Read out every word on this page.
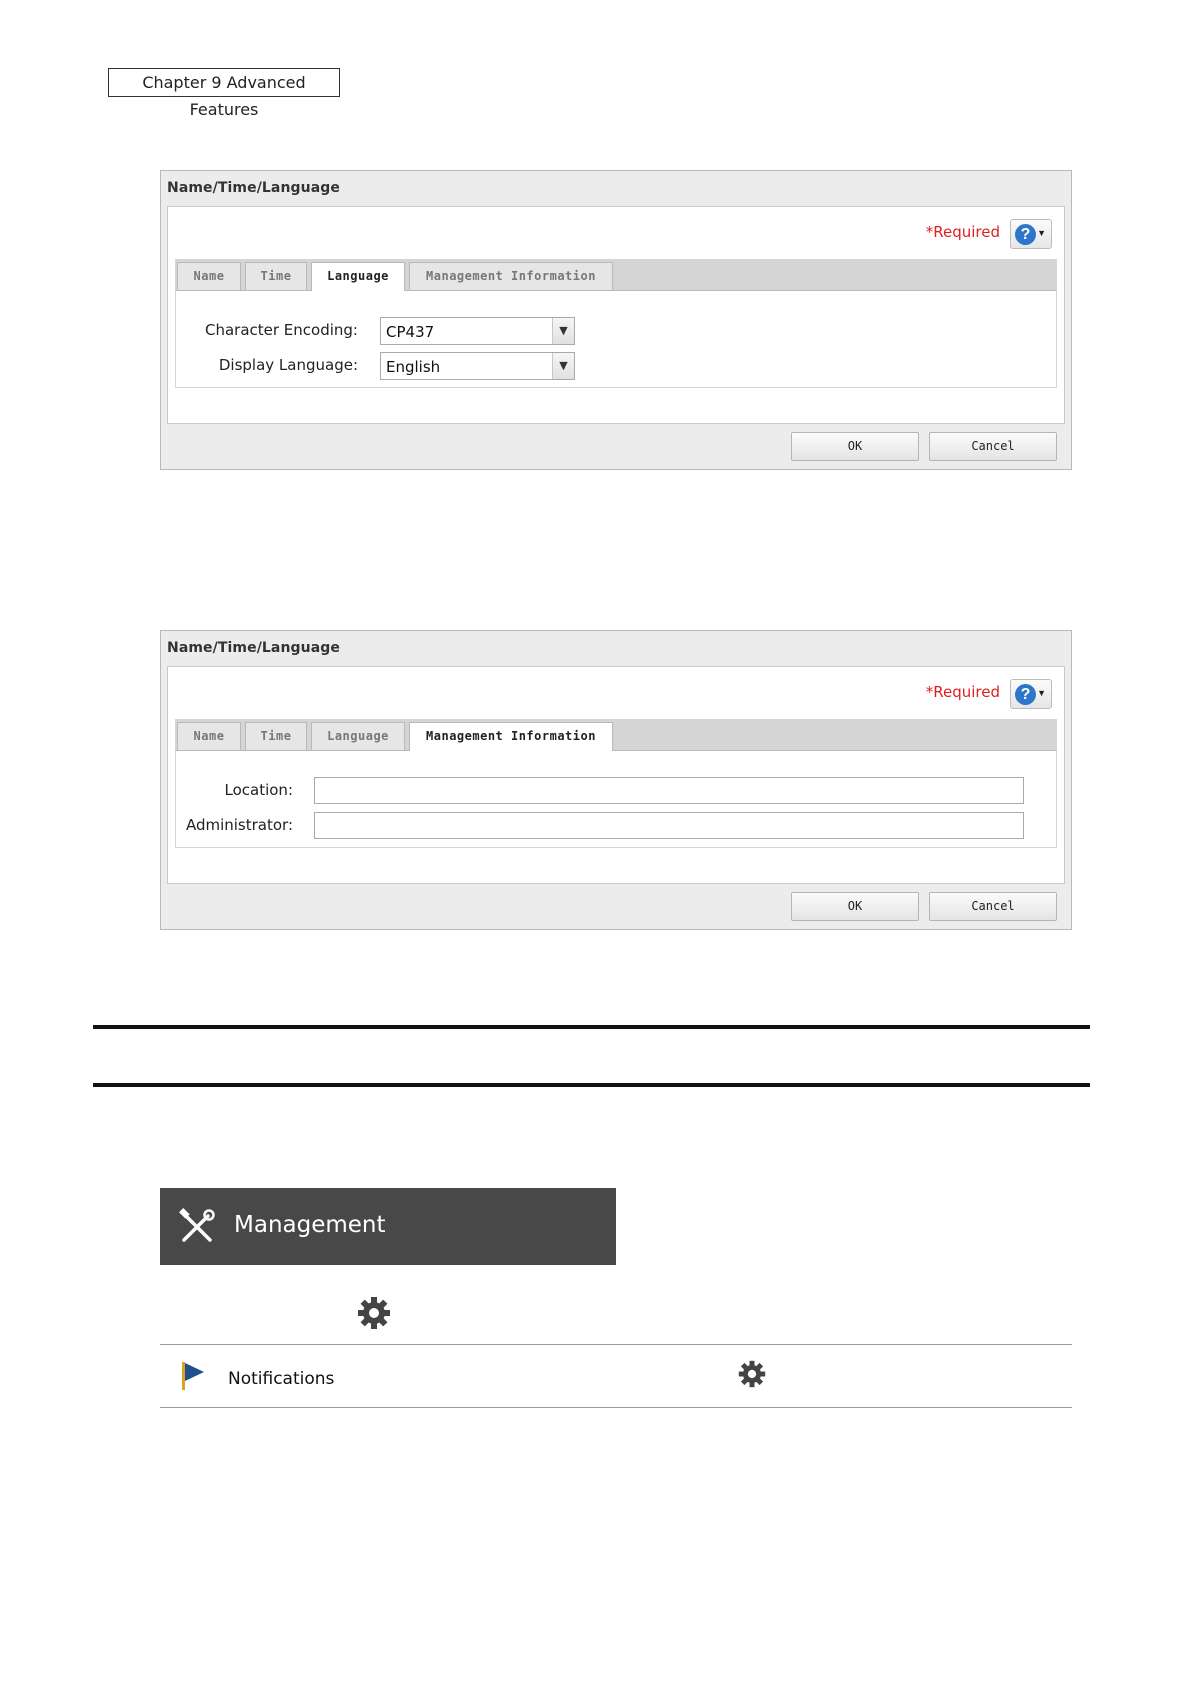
Chapter 9 Advanced Features
Name/Time/Language
*Required	? ▼
Name	Time	Language	Management Information
Character Encoding: CP437	▼
Display Language: English	▼
OK	Cancel
Name/Time/Language
*Required	? ▼
Name	Time	Language	Management Information
Location:
Administrator:
OK	Cancel
Management
Notifications
